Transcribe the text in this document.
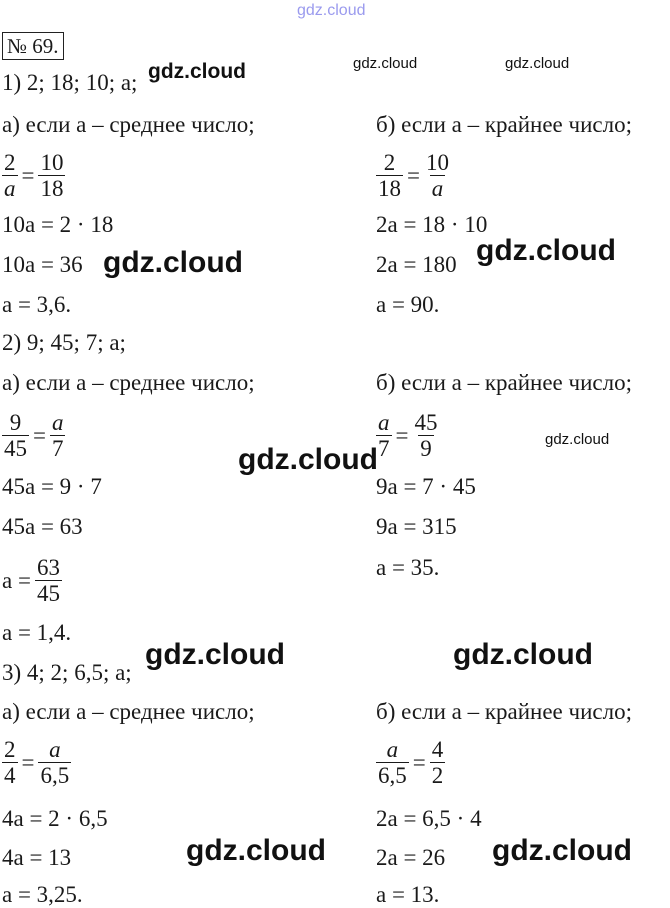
gdz.cloud
gdz.cloud	gdz.cloud	gdz.cloud
gdz.cloud	gdz.cloud
gdz.cloud
gdz.cloud
gdz.cloud	gdz.cloud
gdz.cloud	gdz.cloud
№ 69.
1) 2; 18; 10; a;
а) если a – среднее число;	б) если a – крайнее число;
$\frac{2}{a} = \frac{10}{18}$
10a = 2 · 18
10a = 36
a = 3,6.
$\frac{2}{18} = \frac{10}{a}$
2a = 18 · 10
2a = 180
a = 90.
2) 9; 45; 7; a;
а) если a – среднее число;	б) если a – крайнее число;
$\frac{9}{45} = \frac{a}{7}$
45a = 9 · 7
45a = 63
$a = \frac{63}{45}$
a = 1,4.
$\frac{a}{7} = \frac{45}{9}$
9a = 7 · 45
9a = 315
a = 35.
3) 4; 2; 6,5; a;
а) если a – среднее число;	б) если a – крайнее число;
$\frac{2}{4} = \frac{a}{6,5}$
4a = 2 · 6,5
4a = 13
a = 3,25.
$\frac{a}{6,5} = \frac{4}{2}$
2a = 6,5 · 4
2a = 26
a = 13.
